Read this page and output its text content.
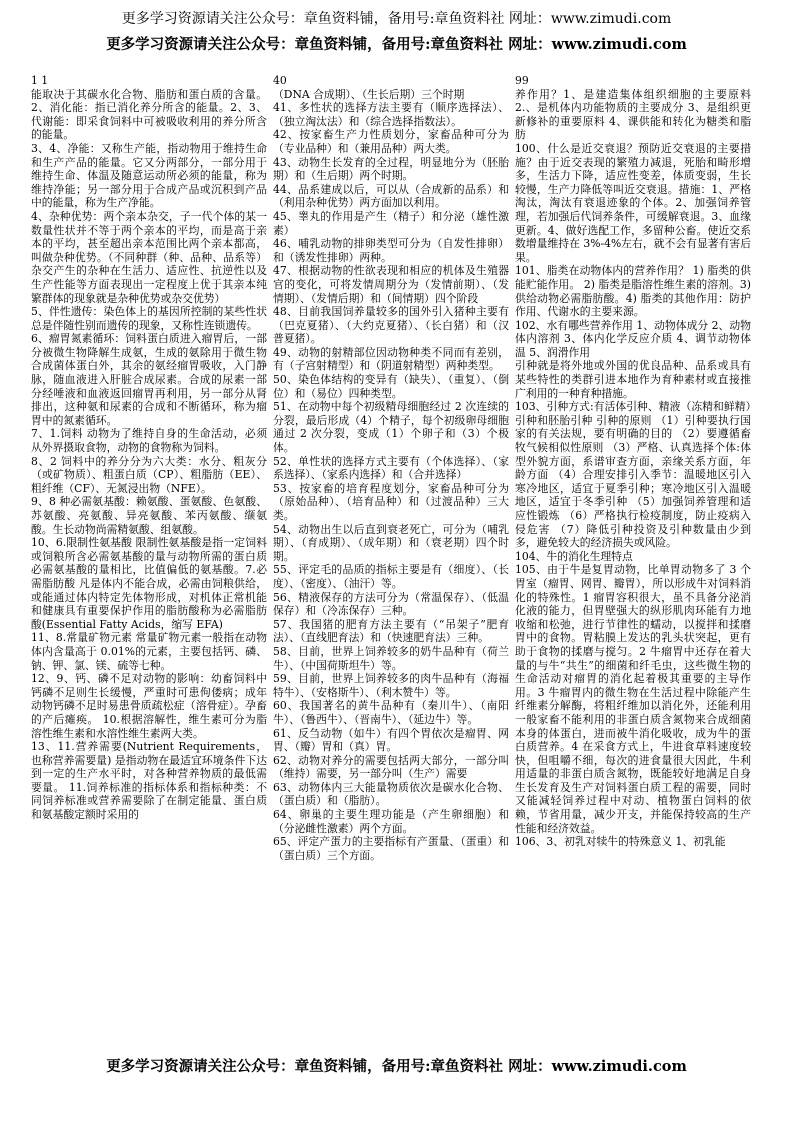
更多学习资源请关注公众号：章鱼资料铺，备用号:章鱼资料社 网址：www.zimudi.com
更多学习资源请关注公众号：章鱼资料铺，备用号:章鱼资料社 网址：www.zimudi.com

1 1

能取决于其碳水化合物、脂肪和蛋白质的含量。2、消化能：指已消化养分所含的能量。2、3、代谢能：即采食饲料中可被吸收利用的养分所含的能量。

3、4、净能：又称生产能，指动物用于维持生命和生产产品的能量。它又分两部分，一部分用于维持生命、体温及随意运动所必须的能量，称为维持净能；另一部分用于合成产品或沉积到产品中的能量，称为生产净能。

4、杂种优势：两个亲本杂交，子一代个体的某一数量性状并不等于两个亲本的平均，而是高于亲本的平均，甚至超出亲本范围比两个亲本都高，叫做杂种优势。（不同种群（种、品种、品系等）杂交产生的杂种在生活力、适应性、抗逆性以及生产性能等方面表现出一定程度上优于其亲本纯繁群体的现象就是杂种优势或杂交优势）

5、伴性遗传：染色体上的基因所控制的某些性状总是伴随性别而遗传的现象，又称性连锁遗传。

6、瘤胃氮素循环：饲料蛋白质进入瘤胃后，一部分被微生物降解生成氨，生成的氨除用于微生物合成菌体蛋白外，其余的氨经瘤胃吸收，入门静脉，随血液进入肝脏合成尿素。合成的尿素一部分经唾液和血液返回瘤胃再利用，另一部分从肾排出，这种氨和尿素的合成和不断循环，称为瘤胃中的氮素循环。

7、1.饲料 动物为了维持自身的生命活动，必须从外界摄取食物，动物的食物称为饲料。

8、2 饲料中的养分分为六大类：水分、粗灰分（或矿物质）、粗蛋白质（CP）、粗脂肪（EE）、粗纤维（CF）、无氮浸出物（NFE）。

9、8 种必需氨基酸：赖氨酸、蛋氨酸、色氨酸、苏氨酸、亮氨酸、异亮氨酸、苯丙氨酸、缬氨酸。生长动物尚需精氨酸、组氨酸。

10、6.限制性氨基酸 限制性氨基酸是指一定饲料或饲粮所含必需氨基酸的量与动物所需的蛋白质必需氨基酸的量相比，比值偏低的氨基酸。7.必需脂肪酸 凡是体内不能合成，必需由饲粮供给，或能通过体内特定先体物形成，对机体正常机能和健康具有重要保护作用的脂肪酸称为必需脂肪酸(Essential Fatty Acids，缩写 EFA)

11、8.常量矿物元素 常量矿物元素一般指在动物体内含量高于 0.01%的元素，主要包括钙、磷、钠、钾、氯、镁、硫等七种。

12、9、钙、磷不足对动物的影响：幼畜饲料中钙磷不足则生长缓慢，严重时可患佝偻病；成年动物钙磷不足时易患骨质疏松症（溶骨症）。孕畜的产后瘫痪。 10.根据溶解性，维生素可分为脂溶性维生素和水溶性维生素两大类。

13、11.营养需要(Nutrient Requirements，也称营养需要量) 是指动物在最适宜环境条件下达到一定的生产水平时，对各种营养物质的最低需要量。 11.饲养标准的指标体系和指标种类：不同饲养标准或营养需要除了在制定能量、蛋白质和氨基酸定额时采用的

40

（DNA 合成期）、（生长后期）三个时期

41、多性状的选择方法主要有（顺序选择法）、（独立淘汰法）和（综合选择指数法）。

42、按家畜生产力性质划分，家畜品种可分为（专业品种）和（兼用品种）两大类。

43、动物生长发育的全过程，明显地分为（胚胎期）和（生后期）两个时期。

44、品系建成以后，可以从（合成新的品系）和（利用杂种优势）两方面加以利用。

45、睾丸的作用是产生（精子）和分泌（雄性激素）

46、哺乳动物的排卵类型可分为（自发性排卵）和（诱发性排卵）两种。

47、根据动物的性欲表现和相应的机体及生殖器官的变化，可将发情周期分为（发情前期）、（发情期）、（发情后期）和（间情期）四个阶段

48、目前我国饲养量较多的国外引入猪种主要有（巴克夏猪）、（大约克夏猪）、（长白猪）和（汉普夏猪）。

49、动物的射精部位因动物种类不同而有差别，有（子宫射精型）和（阴道射精型）两种类型。

50、染色体结构的变异有（缺失）、（重复）、（倒位）和（易位）四种类型。

51、在动物中每个初级精母细胞经过 2 次连续的分裂，最后形成（4）个精子，每个初级卵母细胞通过 2 次分裂，变成（1）个卵子和（3）个极体。

52、单性状的选择方式主要有（个体选择）、（家系选择）、（家系内选择）和（合并选择）

53、按家畜的培育程度划分，家畜品种可分为（原始品种）、（培育品种）和（过渡品种）三大类。

54、动物出生以后直到衰老死亡，可分为（哺乳期）、（育成期）、（成年期）和（衰老期）四个时期。

55、评定毛的品质的指标主要是有（细度）、（长度）、（密度）、（油汗）等。

56、精液保存的方法可分为（常温保存）、（低温保存）和（冷冻保存）三种。

57、我国猪的肥育方法主要有（“吊架子”肥育法）、（直线肥育法）和（快速肥育法）三种。

58、目前，世界上饲养较多的奶牛品种有（荷兰牛）、（中国荷斯坦牛）等。

59、目前，世界上饲养较多的肉牛品种有（海福特牛）、（安格斯牛）、（利木赞牛）等。

60、我国著名的黄牛品种有（秦川牛）、（南阳牛）、（鲁西牛）、（晋南牛）、（延边牛）等。

61、反刍动物（如牛）有四个胃依次是瘤胃、网胃、（瓣）胃和（真）胃。

62、动物对养分的需要包括两大部分，一部分叫（维持）需要，另一部分叫（生产）需要

63、动物体内三大能量物质依次是碳水化合物、（蛋白质）和（脂肪）。

64、卵巢的主要生理功能是（产生卵细胞）和（分泌雌性激素）两个方面。

65、评定产蛋力的主要指标有产蛋量、（蛋重）和（蛋白质）三个方面。

99

养作用？1、是建造集体组织细胞的主要原料 2.、是机体内功能物质的主要成分 3、是组织更新修补的重要原料 4、课供能和转化为糖类和脂肪

100、什么是近交衰退？预防近交衰退的主要措施？由于近交表现的繁殖力减退，死胎和畸形增多，生活力下降，适应性变差，体质变弱，生长较慢，生产力降低等叫近交衰退。措施：1、严格淘汰，淘汰有衰退迹象的个体。2、加强饲养管理，若加强后代饲养条件，可缓解衰退。3、血缘更新。4、做好选配工作，多留种公畜。使近交系数增量维持在 3%-4%左右，就不会有显著有害后果。

101、脂类在动物体内的营养作用？ 1) 脂类的供能贮能作用。 2) 脂类是脂溶性维生素的溶剂。3) 供给动物必需脂肪酸。4) 脂类的其他作用：防护作用、代谢水的主要来源。

102、水有哪些营养作用 1、动物体成分 2、动物体内溶剂 3、体内化学反应介质 4、调节动物体温 5、润滑作用

引种就是将外地或外国的优良品种、品系或具有某些特性的类群引进本地作为育种素材或直接推广利用的一种育种措施。

103、引种方式:有活体引种、精液（冻精和鲜精）引种和胚胎引种 引种的原则 （1）引种要执行国家的有关法规，要有明确的目的 （2）要遵循畜牧气候相似性原则 （3）严格、认真选择个体:体型外貌方面，系谱审查方面，亲缘关系方面，年龄方面 （4）合理安排引入季节：温暖地区引入寒冷地区，适宜于夏季引种；寒冷地区引入温暖地区，适宜于冬季引种 （5）加强饲养管理和适应性锻炼 （6）严格执行检疫制度，防止疫病入侵危害 （7）降低引种投资及引种数量由少到多，避免较大的经济损失或风险。

104、牛的消化生理特点

105、由于牛是复胃动物，比单胃动物多了 3 个胃室（瘤胃、网胃、瓣胃），所以形成牛对饲料消化的特殊性。1 瘤胃容积很大，虽不具备分泌消化液的能力，但胃壁强大的纵形肌肉环能有力地收缩和松弛，进行节律性的蠕动，以搅拌和揉磨胃中的食物。胃粘膜上发达的乳头状突起，更有助于食物的揉磨与搅匀。2 牛瘤胃中还存在着大量的与牛“共生”的细菌和纤毛虫，这些微生物的生命活动对瘤胃的消化起着极其重要的主导作用。3 牛瘤胃内的微生物在生活过程中除能产生纤维素分解酶，将粗纤维加以消化外，还能利用一般家畜不能利用的非蛋白质含氮物来合成细菌本身的体蛋白，进而被牛消化吸收，成为牛的蛋白质营养。4 在采食方式上，牛进食草料速度较快，但咀嚼不细，每次的进食量很大因此，牛利用适量的非蛋白质含氮物，既能较好地满足自身生长发育及生产对饲料蛋白质工程的需要，同时又能减轻饲养过程中对动、植物蛋白饲料的依赖，节省用量，减少开支，并能保持较高的生产性能和经济效益。

106、3、初乳对犊牛的特殊意义 1、初乳能

更多学习资源请关注公众号：章鱼资料铺，备用号:章鱼资料社 网址：www.zimudi.com
